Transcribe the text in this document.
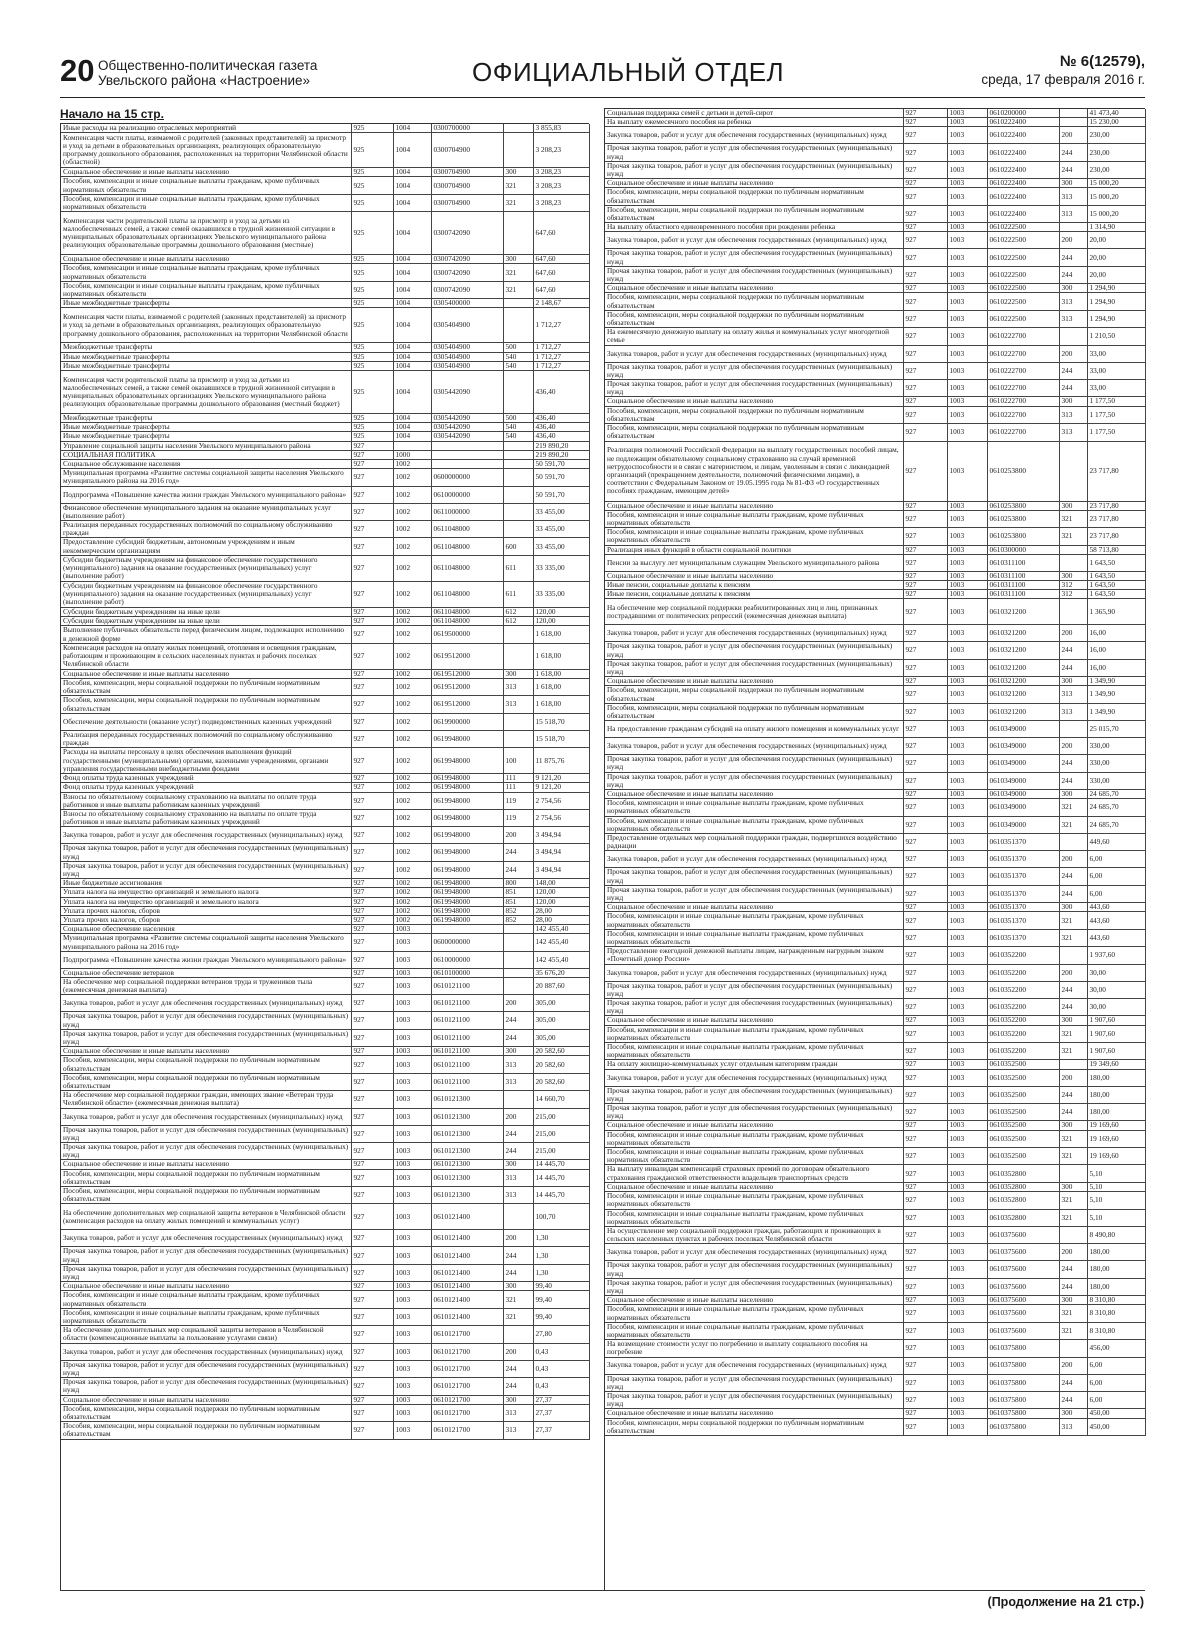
20 Общественно-политическая газета
Увельского района «Настроение»	ОФИЦИАЛЬНЫЙ ОТДЕЛ	№ 6(12579),
среда, 17 февраля 2016 г.
Начало на 15 стр.
Иные расходы на реализацию отраслевых мероприятий	925	1004	0300700000		3 855,83
Компенсация части платы, взимаемой с родителей (законных представителей) за присмотр и уход за детьми в образовательных организациях, реализующих образовательную программу дошкольного образования, расположенных на территории Челябинской области (областной)	925	1004	0300704900		3 208,23
Социальное обеспечение и иные выплаты населению	925	1004	0300704900	300	3 208,23
Пособия, компенсации и иные социальные выплаты гражданам, кроме публичных нормативных обязательств	925	1004	0300704900	321	3 208,23
Пособия, компенсации и иные социальные выплаты гражданам, кроме публичных нормативных обязательств	925	1004	0300704900	321	3 208,23
Компенсация части родительской платы за присмотр и уход за детьми из малообеспеченных семей, а также семей оказавшихся в трудной жизненной ситуации в муниципальных образовательных организациях Увельского муниципального района реализующих образовательные программы дошкольного образования (местные)	925	1004	0300742090		647,60
Социальное обеспечение и иные выплаты населению	925	1004	0300742090	300	647,60
Пособия, компенсации и иные социальные выплаты гражданам, кроме публичных нормативных обязательств	925	1004	0300742090	321	647,60
Пособия, компенсации и иные социальные выплаты гражданам, кроме публичных нормативных обязательств	925	1004	0300742090	321	647,60
Иные межбюджетные трансферты	925	1004	0305400000		2 148,67
Компенсация части платы, взимаемой с родителей (законных представителей) за присмотр и уход за детьми в образовательных организациях, реализующих образовательную программу дошкольного образования, расположенных на территории Челябинской области	925	1004	0305404900		1 712,27
Межбюджетные трансферты	925	1004	0305404900	500	1 712,27
Иные межбюджетные трансферты	925	1004	0305404900	540	1 712,27
Иные межбюджетные трансферты	925	1004	0305404900	540	1 712,27
Компенсация части родительской платы за присмотр и уход за детьми из малообеспеченных семей, а также семей оказавшихся в трудной жизненной ситуации в муниципальных образовательных организациях Увельского муниципального района реализующих образовательные программы дошкольного образования (местный бюджет)	925	1004	0305442090		436,40
Межбюджетные трансферты	925	1004	0305442090	500	436,40
Иные межбюджетные трансферты	925	1004	0305442090	540	436,40
Иные межбюджетные трансферты	925	1004	0305442090	540	436,40
Управление социальной защиты населения Увельского муниципального района	927				219 890,20
СОЦИАЛЬНАЯ ПОЛИТИКА	927	1000			219 890,20
Социальное обслуживание населения	927	1002			50 591,70
Муниципальная программа «Развитие системы социальной защиты населения Увельского муниципального района на 2016 год»	927	1002	0600000000		50 591,70
Подпрограмма «Повышение качества жизни граждан Увельского муниципального района»	927	1002	0610000000		50 591,70
Финансовое обеспечение муниципального задания на оказание муниципальных услуг (выполнение работ)	927	1002	0611000000		33 455,00
Реализация переданных государственных полномочий по социальному обслуживанию граждан	927	1002	0611048000		33 455,00
Предоставление субсидий бюджетным, автономным учреждениям и иным некоммерческим организациям	927	1002	0611048000	600	33 455,00
Субсидии бюджетным учреждениям на финансовое обеспечение государственного (муниципального) задания на оказание государственных (муниципальных) услуг (выполнение работ)	927	1002	0611048000	611	33 335,00
Субсидии бюджетным учреждениям на финансовое обеспечение государственного (муниципального) задания на оказание государственных (муниципальных) услуг (выполнение работ)	927	1002	0611048000	611	33 335,00
Субсидии бюджетным учреждениям на иные цели	927	1002	0611048000	612	120,00
Субсидии бюджетным учреждениям на иные цели	927	1002	0611048000	612	120,00
Выполнение публичных обязательств перед физическим лицом, подлежащих исполнению в денежной форме	927	1002	0619500000		1 618,00
Компенсация расходов на оплату жилых помещений, отопления и освещения гражданам, работающим и проживающим в сельских населенных пунктах и рабочих поселках Челябинской области	927	1002	0619512000		1 618,00
Социальное обеспечение и иные выплаты населению	927	1002	0619512000	300	1 618,00
Пособия, компенсации, меры социальной поддержки по публичным нормативным обязательствам	927	1002	0619512000	313	1 618,00
Пособия, компенсации, меры социальной поддержки по публичным нормативным обязательствам	927	1002	0619512000	313	1 618,00
Обеспечение деятельности (оказание услуг) подведомственных казенных учреждений	927	1002	0619900000		15 518,70
Реализация переданных государственных полномочий по социальному обслуживанию граждан	927	1002	0619948000		15 518,70
Расходы на выплаты персоналу в целях обеспечения выполнения функций государственными (муниципальными) органами, казенными учреждениями, органами управления государственными внебюджетными фондами	927	1002	0619948000	100	11 875,76
Фонд оплаты труда казенных учреждений	927	1002	0619948000	111	9 121,20
Фонд оплаты труда казенных учреждений	927	1002	0619948000	111	9 121,20
Взносы по обязательному социальному страхованию на выплаты по оплате труда работников и иные выплаты работникам казенных учреждений	927	1002	0619948000	119	2 754,56
Взносы по обязательному социальному страхованию на выплаты по оплате труда работников и иные выплаты работникам казенных учреждений	927	1002	0619948000	119	2 754,56
Закупка товаров, работ и услуг для обеспечения государственных (муниципальных) нужд	927	1002	0619948000	200	3 494,94
Прочая закупка товаров, работ и услуг для обеспечения государственных (муниципальных) нужд	927	1002	0619948000	244	3 494,94
Прочая закупка товаров, работ и услуг для обеспечения государственных (муниципальных) нужд	927	1002	0619948000	244	3 494,94
Иные бюджетные ассигнования	927	1002	0619948000	800	148,00
Уплата налога на имущество организаций и земельного налога	927	1002	0619948000	851	120,00
Уплата налога на имущество организаций и земельного налога	927	1002	0619948000	851	120,00
Уплата прочих налогов, сборов	927	1002	0619948000	852	28,00
Уплата прочих налогов, сборов	927	1002	0619948000	852	28,00
Социальное обеспечение населения	927	1003			142 455,40
Муниципальная программа «Развитие системы социальной защиты населения Увельского муниципального района на 2016 год»	927	1003	0600000000		142 455,40
Подпрограмма «Повышение качества жизни граждан Увельского муниципального района»	927	1003	0610000000		142 455,40
Социальное обеспечение ветеранов	927	1003	0610100000		35 676,20
На обеспечение мер социальной поддержки ветеранов труда и тружеников тыла (ежемесячная денежная выплата)	927	1003	0610121100		20 887,60
Закупка товаров, работ и услуг для обеспечения государственных (муниципальных) нужд	927	1003	0610121100	200	305,00
Прочая закупка товаров, работ и услуг для обеспечения государственных (муниципальных) нужд	927	1003	0610121100	244	305,00
Прочая закупка товаров, работ и услуг для обеспечения государственных (муниципальных) нужд	927	1003	0610121100	244	305,00
Социальное обеспечение и иные выплаты населению	927	1003	0610121100	300	20 582,60
Пособия, компенсации, меры социальной поддержки по публичным нормативным обязательствам	927	1003	0610121100	313	20 582,60
Пособия, компенсации, меры социальной поддержки по публичным нормативным обязательствам	927	1003	0610121100	313	20 582,60
На обеспечение мер социальной поддержки граждан, имеющих звание «Ветеран труда Челябинской области» (ежемесячная денежная выплата)	927	1003	0610121300		14 660,70
Закупка товаров, работ и услуг для обеспечения государственных (муниципальных) нужд	927	1003	0610121300	200	215,00
Прочая закупка товаров, работ и услуг для обеспечения государственных (муниципальных) нужд	927	1003	0610121300	244	215,00
Прочая закупка товаров, работ и услуг для обеспечения государственных (муниципальных) нужд	927	1003	0610121300	244	215,00
Социальное обеспечение и иные выплаты населению	927	1003	0610121300	300	14 445,70
Пособия, компенсации, меры социальной поддержки по публичным нормативным обязательствам	927	1003	0610121300	313	14 445,70
Пособия, компенсации, меры социальной поддержки по публичным нормативным обязательствам	927	1003	0610121300	313	14 445,70
На обеспечение дополнительных мер социальной защиты ветеранов в Челябинской области (компенсация расходов на оплату жилых помещений и коммунальных услуг)	927	1003	0610121400		100,70
Закупка товаров, работ и услуг для обеспечения государственных (муниципальных) нужд	927	1003	0610121400	200	1,30
Прочая закупка товаров, работ и услуг для обеспечения государственных (муниципальных) нужд	927	1003	0610121400	244	1,30
Прочая закупка товаров, работ и услуг для обеспечения государственных (муниципальных) нужд	927	1003	0610121400	244	1,30
Социальное обеспечение и иные выплаты населению	927	1003	0610121400	300	99,40
Пособия, компенсации и иные социальные выплаты гражданам, кроме публичных нормативных обязательств	927	1003	0610121400	321	99,40
Пособия, компенсации и иные социальные выплаты гражданам, кроме публичных нормативных обязательств	927	1003	0610121400	321	99,40
На обеспечение дополнительных мер социальной защиты ветеранов в Челябинской области (компенсационные выплаты за пользование услугами связи)	927	1003	0610121700		27,80
Закупка товаров, работ и услуг для обеспечения государственных (муниципальных) нужд	927	1003	0610121700	200	0,43
Прочая закупка товаров, работ и услуг для обеспечения государственных (муниципальных) нужд	927	1003	0610121700	244	0,43
Прочая закупка товаров, работ и услуг для обеспечения государственных (муниципальных) нужд	927	1003	0610121700	244	0,43
Социальное обеспечение и иные выплаты населению	927	1003	0610121700	300	27,37
Пособия, компенсации, меры социальной поддержки по публичным нормативным обязательствам	927	1003	0610121700	313	27,37
Пособия, компенсации, меры социальной поддержки по публичным нормативным обязательствам	927	1003	0610121700	313	27,37
Социальная поддержка семей с детьми и детей-сирот	927	1003	0610200000		41 473,40
На выплату ежемесячного пособия на ребенка	927	1003	0610222400		15 230,00
Закупка товаров, работ и услуг для обеспечения государственных (муниципальных) нужд	927	1003	0610222400	200	230,00
Прочая закупка товаров, работ и услуг для обеспечения государственных (муниципальных) нужд	927	1003	0610222400	244	230,00
Прочая закупка товаров, работ и услуг для обеспечения государственных (муниципальных) нужд	927	1003	0610222400	244	230,00
Социальное обеспечение и иные выплаты населению	927	1003	0610222400	300	15 000,20
Пособия, компенсации, меры социальной поддержки по публичным нормативным обязательствам	927	1003	0610222400	313	15 000,20
Пособия, компенсации, меры социальной поддержки по публичным нормативным обязательствам	927	1003	0610222400	313	15 000,20
На выплату областного единовременного пособия при рождении ребенка	927	1003	0610222500		1 314,90
Закупка товаров, работ и услуг для обеспечения государственных (муниципальных) нужд	927	1003	0610222500	200	20,00
Прочая закупка товаров, работ и услуг для обеспечения государственных (муниципальных) нужд	927	1003	0610222500	244	20,00
Прочая закупка товаров, работ и услуг для обеспечения государственных (муниципальных) нужд	927	1003	0610222500	244	20,00
Социальное обеспечение и иные выплаты населению	927	1003	0610222500	300	1 294,90
Пособия, компенсации, меры социальной поддержки по публичным нормативным обязательствам	927	1003	0610222500	313	1 294,90
Пособия, компенсации, меры социальной поддержки по публичным нормативным обязательствам	927	1003	0610222500	313	1 294,90
На ежемесячную денежную выплату на оплату жилья и коммунальных услуг многодетной семье	927	1003	0610222700		1 210,50
Закупка товаров, работ и услуг для обеспечения государственных (муниципальных) нужд	927	1003	0610222700	200	33,00
Прочая закупка товаров, работ и услуг для обеспечения государственных (муниципальных) нужд	927	1003	0610222700	244	33,00
Прочая закупка товаров, работ и услуг для обеспечения государственных (муниципальных) нужд	927	1003	0610222700	244	33,00
Социальное обеспечение и иные выплаты населению	927	1003	0610222700	300	1 177,50
Пособия, компенсации, меры социальной поддержки по публичным нормативным обязательствам	927	1003	0610222700	313	1 177,50
Пособия, компенсации, меры социальной поддержки по публичным нормативным обязательствам	927	1003	0610222700	313	1 177,50
Реализация полномочий Российской Федерации на выплату государственных пособий лицам, не подлежащим обязательному социальному страхованию на случай временной нетрудоспособности и в связи с материнством, и лицам, уволенным в связи с ликвидацией организаций (прекращением деятельности, полномочий физическими лицами), в соответствии с Федеральным Законом от 19.05.1995 года № 81-ФЗ «О государственных пособиях гражданам, имеющим детей»	927	1003	0610253800		23 717,80
Социальное обеспечение и иные выплаты населению	927	1003	0610253800	300	23 717,80
Пособия, компенсации и иные социальные выплаты гражданам, кроме публичных нормативных обязательств	927	1003	0610253800	321	23 717,80
Пособия, компенсации и иные социальные выплаты гражданам, кроме публичных нормативных обязательств	927	1003	0610253800	321	23 717,80
Реализация иных функций в области социальной политики	927	1003	0610300000		58 713,80
Пенсии за выслугу лет муниципальным служащим Увельского муниципального района	927	1003	0610311100		1 643,50
Социальное обеспечение и иные выплаты населению	927	1003	0610311100	300	1 643,50
Иные пенсии, социальные доплаты к пенсиям	927	1003	0610311100	312	1 643,50
Иные пенсии, социальные доплаты к пенсиям	927	1003	0610311100	312	1 643,50
На обеспечение мер социальной поддержки реабилитированных лиц и лиц, признанных пострадавшими от политических репрессий (ежемесячная денежная выплата)	927	1003	0610321200		1 365,90
Закупка товаров, работ и услуг для обеспечения государственных (муниципальных) нужд	927	1003	0610321200	200	16,00
Прочая закупка товаров, работ и услуг для обеспечения государственных (муниципальных) нужд	927	1003	0610321200	244	16,00
Прочая закупка товаров, работ и услуг для обеспечения государственных (муниципальных) нужд	927	1003	0610321200	244	16,00
Социальное обеспечение и иные выплаты населению	927	1003	0610321200	300	1 349,90
Пособия, компенсации, меры социальной поддержки по публичным нормативным обязательствам	927	1003	0610321200	313	1 349,90
Пособия, компенсации, меры социальной поддержки по публичным нормативным обязательствам	927	1003	0610321200	313	1 349,90
На предоставление гражданам субсидий на оплату жилого помещения и коммунальных услуг	927	1003	0610349000		25 015,70
Закупка товаров, работ и услуг для обеспечения государственных (муниципальных) нужд	927	1003	0610349000	200	330,00
Прочая закупка товаров, работ и услуг для обеспечения государственных (муниципальных) нужд	927	1003	0610349000	244	330,00
Прочая закупка товаров, работ и услуг для обеспечения государственных (муниципальных) нужд	927	1003	0610349000	244	330,00
Социальное обеспечение и иные выплаты населению	927	1003	0610349000	300	24 685,70
Пособия, компенсации и иные социальные выплаты гражданам, кроме публичных нормативных обязательств	927	1003	0610349000	321	24 685,70
Пособия, компенсации и иные социальные выплаты гражданам, кроме публичных нормативных обязательств	927	1003	0610349000	321	24 685,70
Предоставление отдельных мер социальной поддержки граждан, подвергшихся воздействию радиации	927	1003	0610351370		449,60
Закупка товаров, работ и услуг для обеспечения государственных (муниципальных) нужд	927	1003	0610351370	200	6,00
Прочая закупка товаров, работ и услуг для обеспечения государственных (муниципальных) нужд	927	1003	0610351370	244	6,00
Прочая закупка товаров, работ и услуг для обеспечения государственных (муниципальных) нужд	927	1003	0610351370	244	6,00
Социальное обеспечение и иные выплаты населению	927	1003	0610351370	300	443,60
Пособия, компенсации и иные социальные выплаты гражданам, кроме публичных нормативных обязательств	927	1003	0610351370	321	443,60
Пособия, компенсации и иные социальные выплаты гражданам, кроме публичных нормативных обязательств	927	1003	0610351370	321	443,60
Предоставление ежегодной денежной выплаты лицам, награжденным нагрудным знаком «Почетный донор России»	927	1003	0610352200		1 937,60
Закупка товаров, работ и услуг для обеспечения государственных (муниципальных) нужд	927	1003	0610352200	200	30,00
Прочая закупка товаров, работ и услуг для обеспечения государственных (муниципальных) нужд	927	1003	0610352200	244	30,00
Прочая закупка товаров, работ и услуг для обеспечения государственных (муниципальных) нужд	927	1003	0610352200	244	30,00
Социальное обеспечение и иные выплаты населению	927	1003	0610352200	300	1 907,60
Пособия, компенсации и иные социальные выплаты гражданам, кроме публичных нормативных обязательств	927	1003	0610352200	321	1 907,60
Пособия, компенсации и иные социальные выплаты гражданам, кроме публичных нормативных обязательств	927	1003	0610352200	321	1 907,60
На оплату жилищно-коммунальных услуг отдельным категориям граждан	927	1003	0610352500		19 349,60
Закупка товаров, работ и услуг для обеспечения государственных (муниципальных) нужд	927	1003	0610352500	200	180,00
Прочая закупка товаров, работ и услуг для обеспечения государственных (муниципальных) нужд	927	1003	0610352500	244	180,00
Прочая закупка товаров, работ и услуг для обеспечения государственных (муниципальных) нужд	927	1003	0610352500	244	180,00
Социальное обеспечение и иные выплаты населению	927	1003	0610352500	300	19 169,60
Пособия, компенсации и иные социальные выплаты гражданам, кроме публичных нормативных обязательств	927	1003	0610352500	321	19 169,60
Пособия, компенсации и иные социальные выплаты гражданам, кроме публичных нормативных обязательств	927	1003	0610352500	321	19 169,60
На выплату инвалидам компенсаций страховых премий по договорам обязательного страхования гражданской ответственности владельцев транспортных средств	927	1003	0610352800		5,10
Социальное обеспечение и иные выплаты населению	927	1003	0610352800	300	5,10
Пособия, компенсации и иные социальные выплаты гражданам, кроме публичных нормативных обязательств	927	1003	0610352800	321	5,10
Пособия, компенсации и иные социальные выплаты гражданам, кроме публичных нормативных обязательств	927	1003	0610352800	321	5,10
На осуществление мер социальной поддержки граждан, работающих и проживающих в сельских населенных пунктах и рабочих поселках Челябинской области	927	1003	0610375600		8 490,80
Закупка товаров, работ и услуг для обеспечения государственных (муниципальных) нужд	927	1003	0610375600	200	180,00
Прочая закупка товаров, работ и услуг для обеспечения государственных (муниципальных) нужд	927	1003	0610375600	244	180,00
Прочая закупка товаров, работ и услуг для обеспечения государственных (муниципальных) нужд	927	1003	0610375600	244	180,00
Социальное обеспечение и иные выплаты населению	927	1003	0610375600	300	8 310,80
Пособия, компенсации и иные социальные выплаты гражданам, кроме публичных нормативных обязательств	927	1003	0610375600	321	8 310,80
Пособия, компенсации и иные социальные выплаты гражданам, кроме публичных нормативных обязательств	927	1003	0610375600	321	8 310,80
На возмещение стоимости услуг по погребению и выплату социального пособия на погребение	927	1003	0610375800		456,00
Закупка товаров, работ и услуг для обеспечения государственных (муниципальных) нужд	927	1003	0610375800	200	6,00
Прочая закупка товаров, работ и услуг для обеспечения государственных (муниципальных) нужд	927	1003	0610375800	244	6,00
Прочая закупка товаров, работ и услуг для обеспечения государственных (муниципальных) нужд	927	1003	0610375800	244	6,00
Социальное обеспечение и иные выплаты населению	927	1003	0610375800	300	450,00
Пособия, компенсации, меры социальной поддержки по публичным нормативным обязательствам	927	1003	0610375800	313	450,00
(Продолжение на 21 стр.)
